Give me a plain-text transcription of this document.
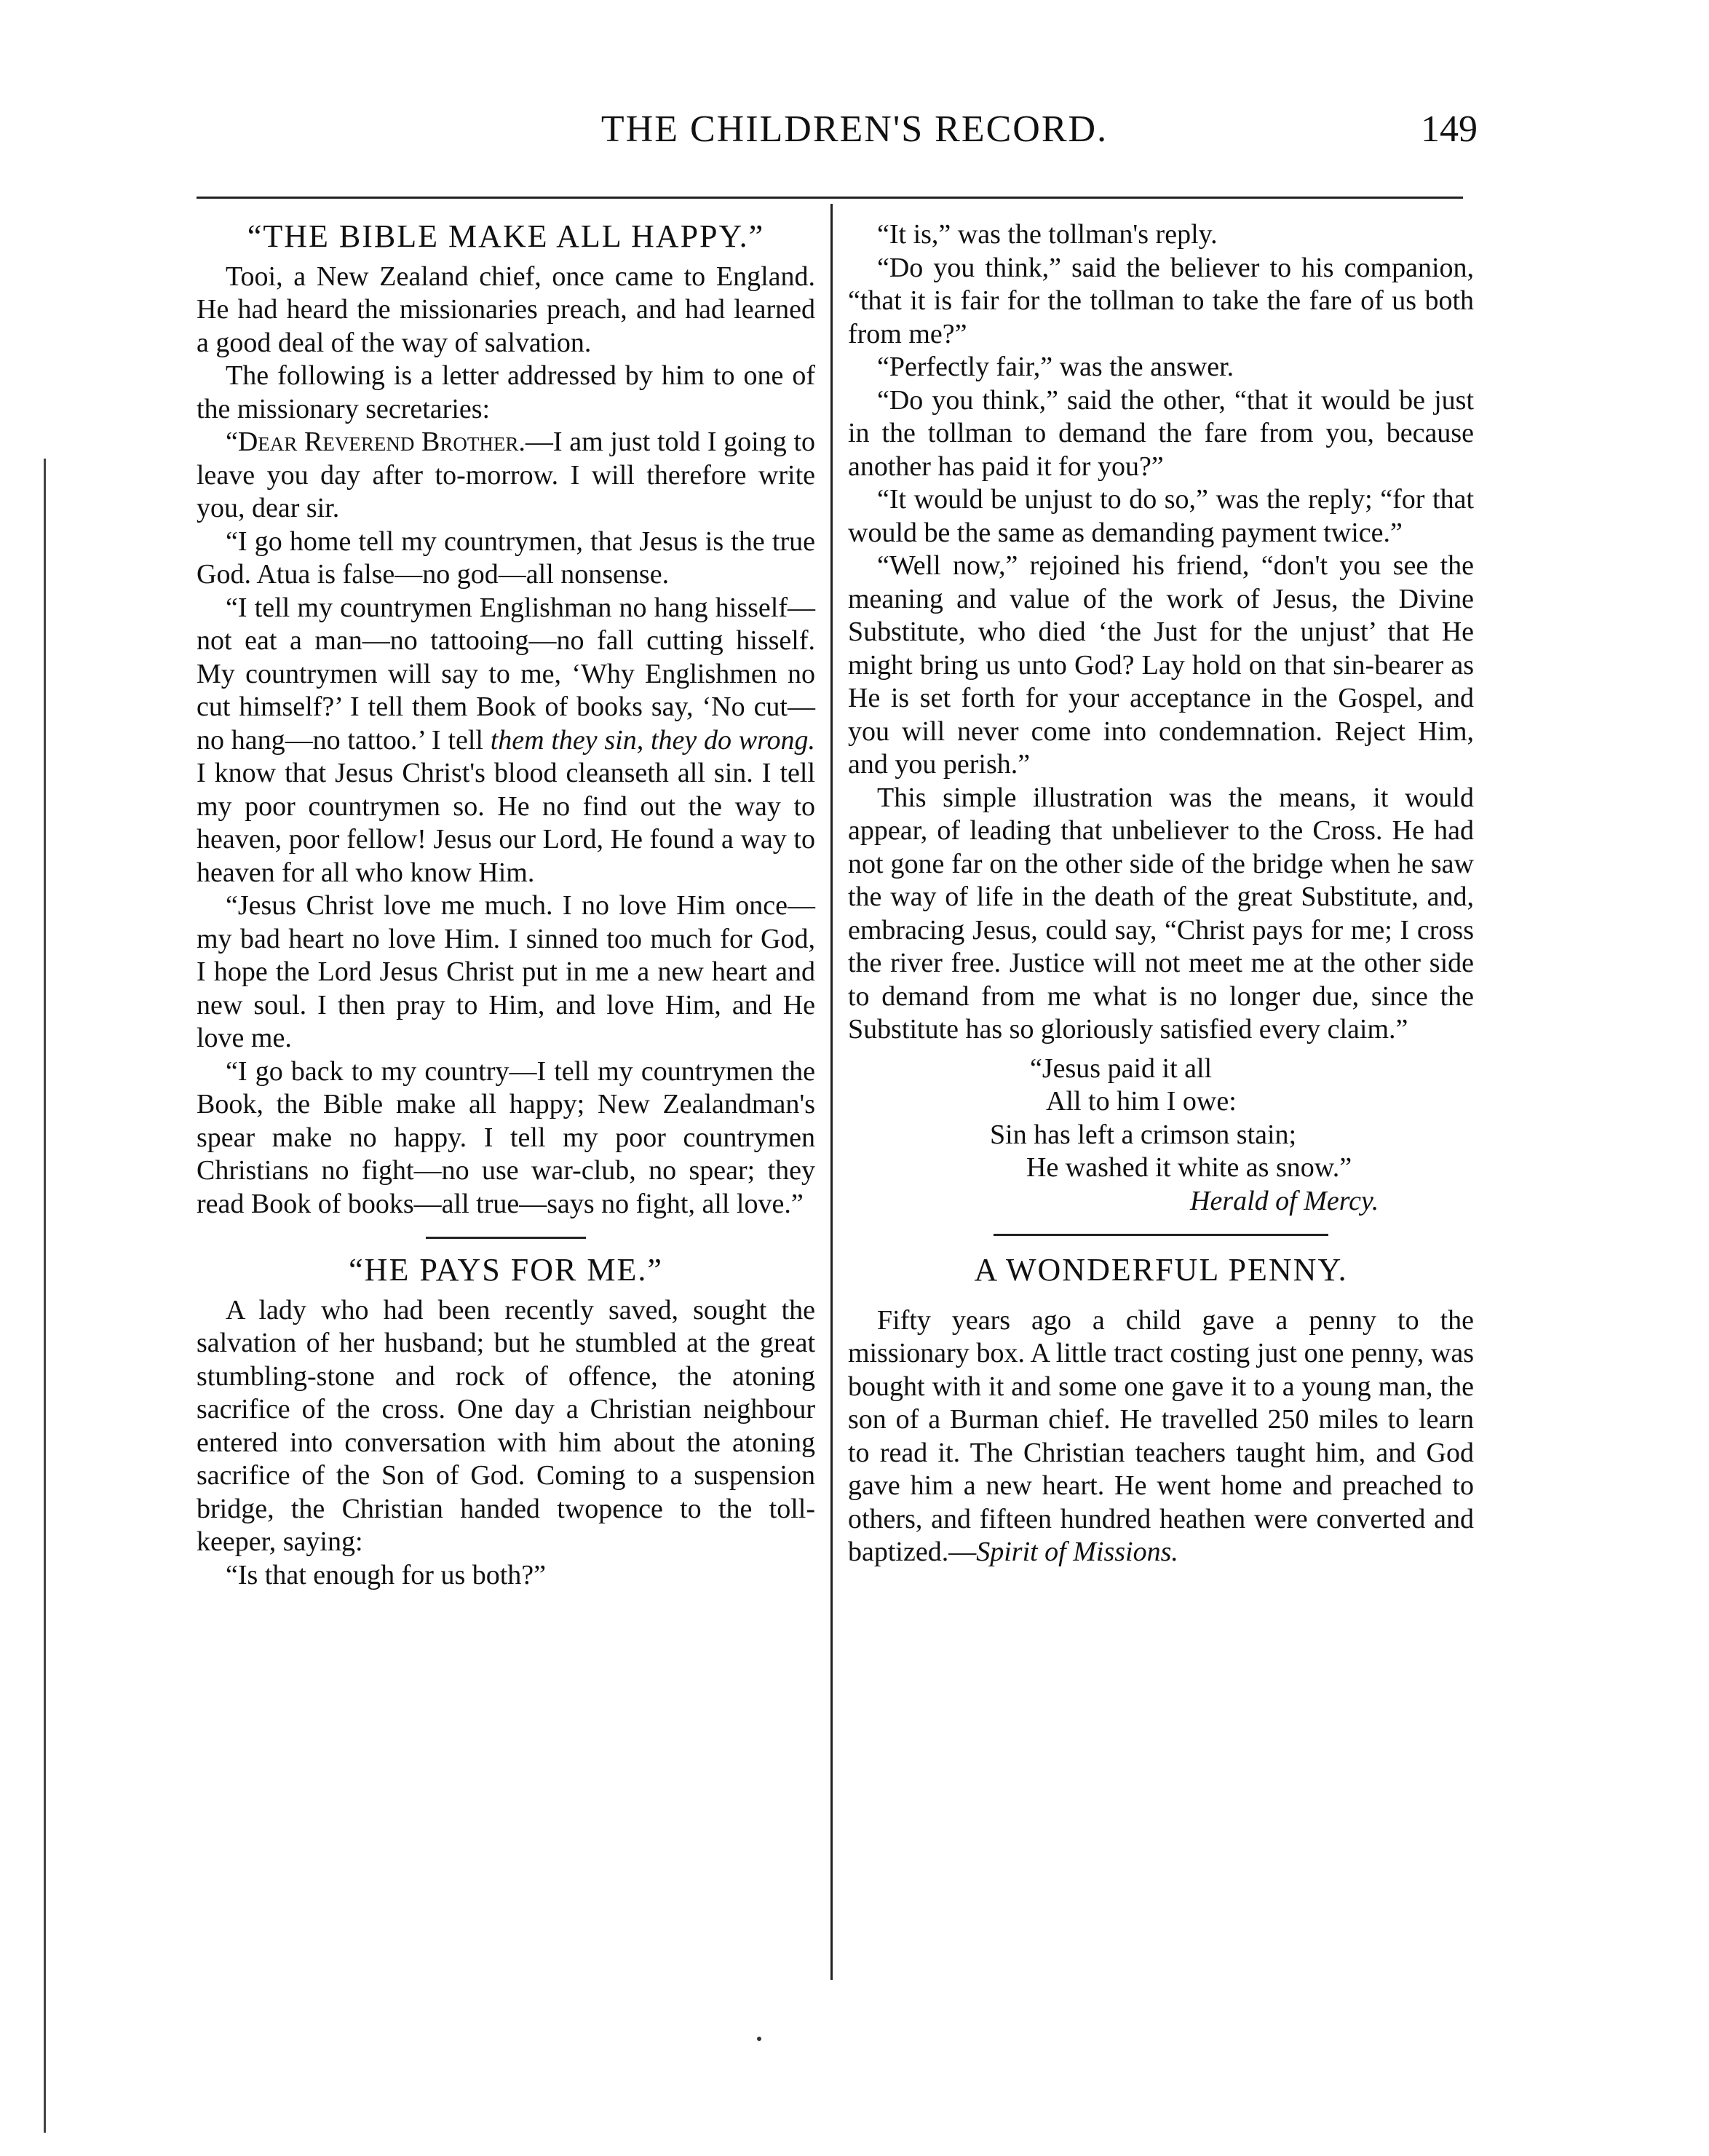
THE CHILDREN'S RECORD.	149
“THE BIBLE MAKE ALL HAPPY.”

Tooi, a New Zealand chief, once came to England. He had heard the missionaries preach, and had learned a good deal of the way of salvation.

The following is a letter addressed by him to one of the missionary secretaries:

“Dear Reverend Brother.—I am just told I going to leave you day after to-morrow. I will therefore write you, dear sir.

“I go home tell my countrymen, that Jesus is the true God. Atua is false—no god—all nonsense.

“I tell my countrymen Englishman no hang hisself—not eat a man—no tattooing—no fall cutting hisself. My countrymen will say to me, ‘Why Englishmen no cut himself?’ I tell them Book of books say, ‘No cut—no hang—no tattoo.’ I tell them they sin, they do wrong. I know that Jesus Christ's blood cleanseth all sin. I tell my poor countrymen so. He no find out the way to heaven, poor fellow! Jesus our Lord, He found a way to heaven for all who know Him.

“Jesus Christ love me much. I no love Him once—my bad heart no love Him. I sinned too much for God, I hope the Lord Jesus Christ put in me a new heart and new soul. I then pray to Him, and love Him, and He love me.

“I go back to my country—I tell my countrymen the Book, the Bible make all happy; New Zealandman's spear make no happy. I tell my poor countrymen Christians no fight—no use war-club, no spear; they read Book of books—all true—says no fight, all love.”

“HE PAYS FOR ME.”

A lady who had been recently saved, sought the salvation of her husband; but he stumbled at the great stumbling-stone and rock of offence, the atoning sacrifice of the cross. One day a Christian neighbour entered into conversation with him about the atoning sacrifice of the Son of God. Coming to a suspension bridge, the Christian handed twopence to the toll-keeper, saying:

“Is that enough for us both?”

“It is,” was the tollman's reply.

“Do you think,” said the believer to his companion, “that it is fair for the tollman to take the fare of us both from me?”

“Perfectly fair,” was the answer.

“Do you think,” said the other, “that it would be just in the tollman to demand the fare from you, because another has paid it for you?”

“It would be unjust to do so,” was the reply; “for that would be the same as demanding payment twice.”

“Well now,” rejoined his friend, “don't you see the meaning and value of the work of Jesus, the Divine Substitute, who died ‘the Just for the unjust’ that He might bring us unto God? Lay hold on that sin-bearer as He is set forth for your acceptance in the Gospel, and you will never come into condemnation. Reject Him, and you perish.”

This simple illustration was the means, it would appear, of leading that unbeliever to the Cross. He had not gone far on the other side of the bridge when he saw the way of life in the death of the great Substitute, and, embracing Jesus, could say, “Christ pays for me; I cross the river free. Justice will not meet me at the other side to demand from me what is no longer due, since the Substitute has so gloriously satisfied every claim.”

“Jesus paid it all
All to him I owe:
Sin has left a crimson stain;
He washed it white as snow.”
Herald of Mercy.
A WONDERFUL PENNY.

Fifty years ago a child gave a penny to the missionary box. A little tract costing just one penny, was bought with it and some one gave it to a young man, the son of a Burman chief. He travelled 250 miles to learn to read it. The Christian teachers taught him, and God gave him a new heart. He went home and preached to others, and fifteen hundred heathen were converted and baptized.—Spirit of Missions.
